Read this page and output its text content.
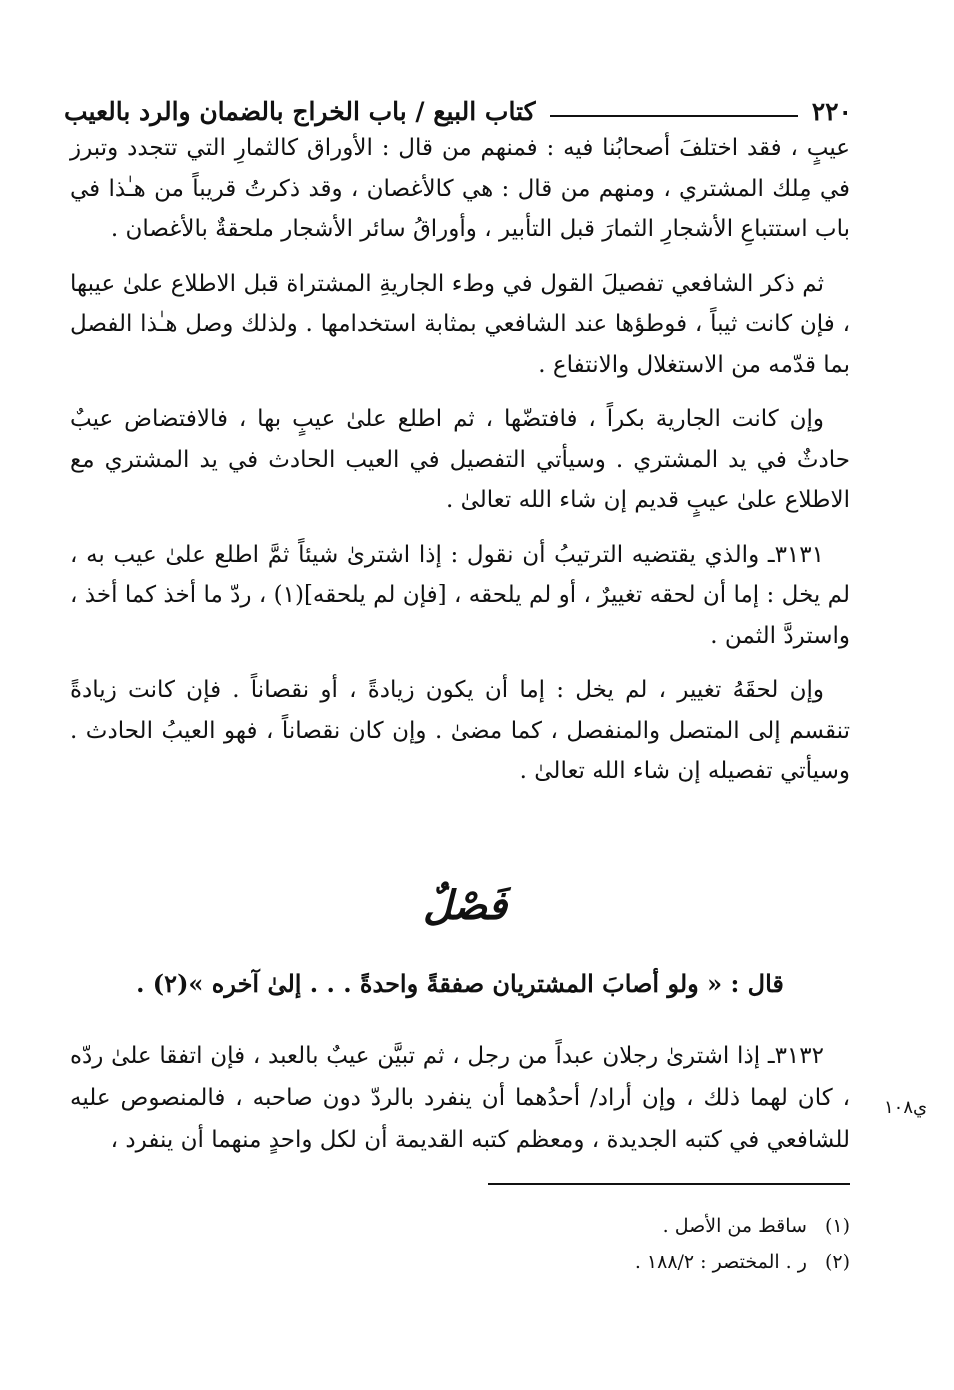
٢٢٠
كتاب البيع / باب الخراج بالضمان والرد بالعيب

عيبٍ ، فقد اختلفَ أصحابُنا فيه : فمنهم من قال : الأوراق كالثمارِ التي تتجدد وتبرز في مِلك المشتري ، ومنهم من قال : هي كالأغصان ، وقد ذكرتُ قريباً من هـٰذا في باب استتباعِ الأشجارِ الثمارَ قبل التأبير ، وأوراقُ سائر الأشجار ملحقةٌ بالأغصان .

ثم ذكر الشافعي تفصيلَ القول في وطء الجاريةِ المشتراة قبل الاطلاع علىٰ عيبها ، فإن كانت ثيباً ، فوطؤها عند الشافعي بمثابة استخدامها . ولذلك وصل هـٰذا الفصل بما قدّمه من الاستغلال والانتفاع .

وإن كانت الجارية بكراً ، فافتضّها ، ثم اطلع علىٰ عيبٍ بها ، فالافتضاض عيبٌ حادثٌ في يد المشتري . وسيأتي التفصيل في العيب الحادث في يد المشتري مع الاطلاع علىٰ عيبٍ قديم إن شاء الله تعالىٰ .

٣١٣١ـ والذي يقتضيه الترتيبُ أن نقول : إذا اشترىٰ شيئاً ثمَّ اطلع علىٰ عيب به ، لم يخل : إما أن لحقه تغييرٌ ، أو لم يلحقه ، [فإن لم يلحقه](١) ، ردّ ما أخذ كما أخذ ، واستردَّ الثمن .

وإن لحقَهُ تغيير ، لم يخل : إما أن يكون زيادةً ، أو نقصاناً . فإن كانت زيادةً تنقسم إلى المتصل والمنفصل ، كما مضىٰ . وإن كان نقصاناً ، فهو العيبُ الحادث . وسيأتي تفصيله إن شاء الله تعالىٰ .

فَصْلٌ
قال : « ولو أصابَ المشتريان صفقةً واحدةً . . . إلىٰ آخره »(٢) .

٣١٣٢ـ إذا اشترىٰ رجلان عبداً من رجل ، ثم تبيَّن عيبٌ بالعبد ، فإن اتفقا علىٰ ردّه ، كان لهما ذلك ، وإن أراد/ أحدُهما أن ينفرد بالردّ دون صاحبه ، فالمنصوص عليه للشافعي في كتبه الجديدة ، ومعظم كتبه القديمة أن لكل واحدٍ منهما أن ينفرد ،

ي١٠٨
(١)
ساقط من الأصل .
(٢)
ر . المختصر : ١٨٨/٢ .
